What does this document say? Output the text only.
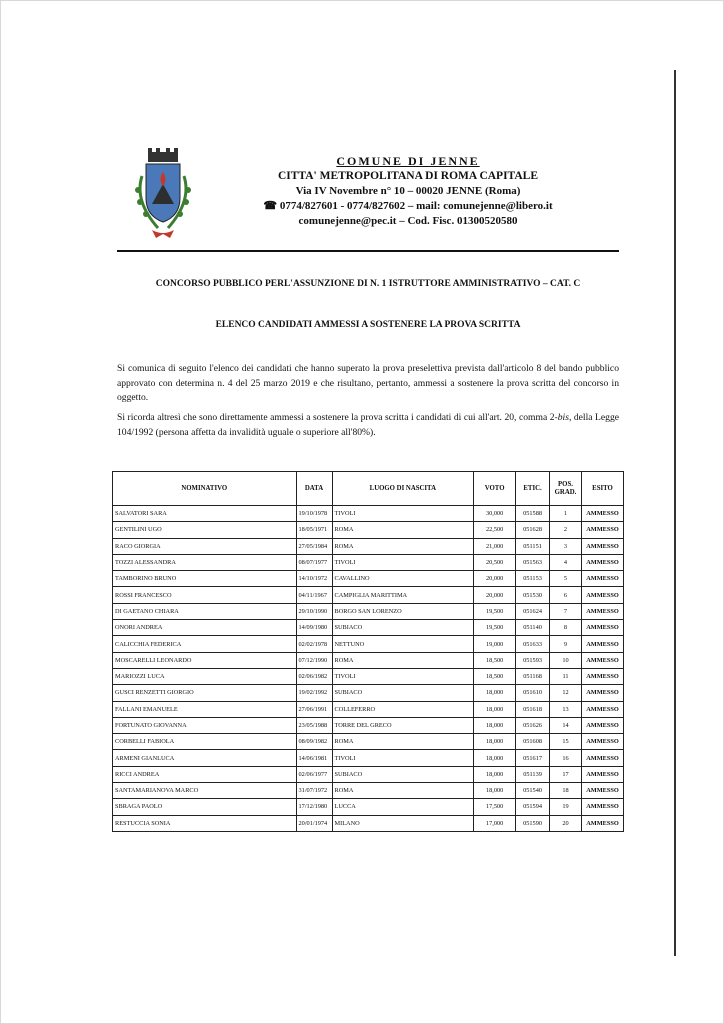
COMUNE DI JENNE
CITTA' METROPOLITANA DI ROMA CAPITALE
Via IV Novembre n° 10 – 00020 JENNE (Roma)
☎ 0774/827601 - 0774/827602 – mail: comunejenne@libero.it
comunejenne@pec.it – Cod. Fisc. 01300520580
CONCORSO PUBBLICO PERL'ASSUNZIONE DI N. 1 ISTRUTTORE AMMINISTRATIVO – CAT. C
ELENCO CANDIDATI AMMESSI A SOSTENERE LA PROVA SCRITTA
Si comunica di seguito l'elenco dei candidati che hanno superato la prova preselettiva prevista dall'articolo 8 del bando pubblico approvato con determina n. 4 del 25 marzo 2019 e che risultano, pertanto, ammessi a sostenere la prova scritta del concorso in oggetto.
Si ricorda altresì che sono direttamente ammessi a sostenere la prova scritta i candidati di cui all'art. 20, comma 2-bis, della Legge 104/1992 (persona affetta da invalidità uguale o superiore all'80%).
NOMINATIVO	DATA	LUOGO DI NASCITA	VOTO	ETIC.	POS. GRAD.	ESITO
SALVATORI SARA	19/10/1978	TIVOLI	30,000	051588	1	AMMESSO
GENTILINI UGO	18/05/1971	ROMA	22,500	051628	2	AMMESSO
RACO GIORGIA	27/05/1984	ROMA	21,000	051151	3	AMMESSO
TOZZI ALESSANDRA	08/07/1977	TIVOLI	20,500	051563	4	AMMESSO
TAMBORINO BRUNO	14/10/1972	CAVALLINO	20,000	051153	5	AMMESSO
ROSSI FRANCESCO	04/11/1967	CAMPIGLIA MARITTIMA	20,000	051530	6	AMMESSO
DI GAETANO CHIARA	29/10/1990	BORGO SAN LORENZO	19,500	051624	7	AMMESSO
ONORI ANDREA	14/09/1980	SUBIACO	19,500	051140	8	AMMESSO
CALICCHIA FEDERICA	02/02/1978	NETTUNO	19,000	051633	9	AMMESSO
MOSCARELLI LEONARDO	07/12/1990	ROMA	18,500	051593	10	AMMESSO
MARIOZZI LUCA	02/06/1982	TIVOLI	18,500	051168	11	AMMESSO
GUSCI RENZETTI GIORGIO	19/02/1992	SUBIACO	18,000	051610	12	AMMESSO
FALLANI EMANUELE	27/06/1991	COLLEFERRO	18,000	051618	13	AMMESSO
FORTUNATO GIOVANNA	23/05/1988	TORRE DEL GRECO	18,000	051626	14	AMMESSO
CORBELLI FABIOLA	08/09/1982	ROMA	18,000	051608	15	AMMESSO
ARMENI GIANLUCA	14/06/1981	TIVOLI	18,000	051617	16	AMMESSO
RICCI ANDREA	02/06/1977	SUBIACO	18,000	051139	17	AMMESSO
SANTAMARIANOVA MARCO	31/07/1972	ROMA	18,000	051540	18	AMMESSO
SBRAGA PAOLO	17/12/1980	LUCCA	17,500	051594	19	AMMESSO
RESTUCCIA SONIA	20/01/1974	MILANO	17,000	051590	20	AMMESSO
